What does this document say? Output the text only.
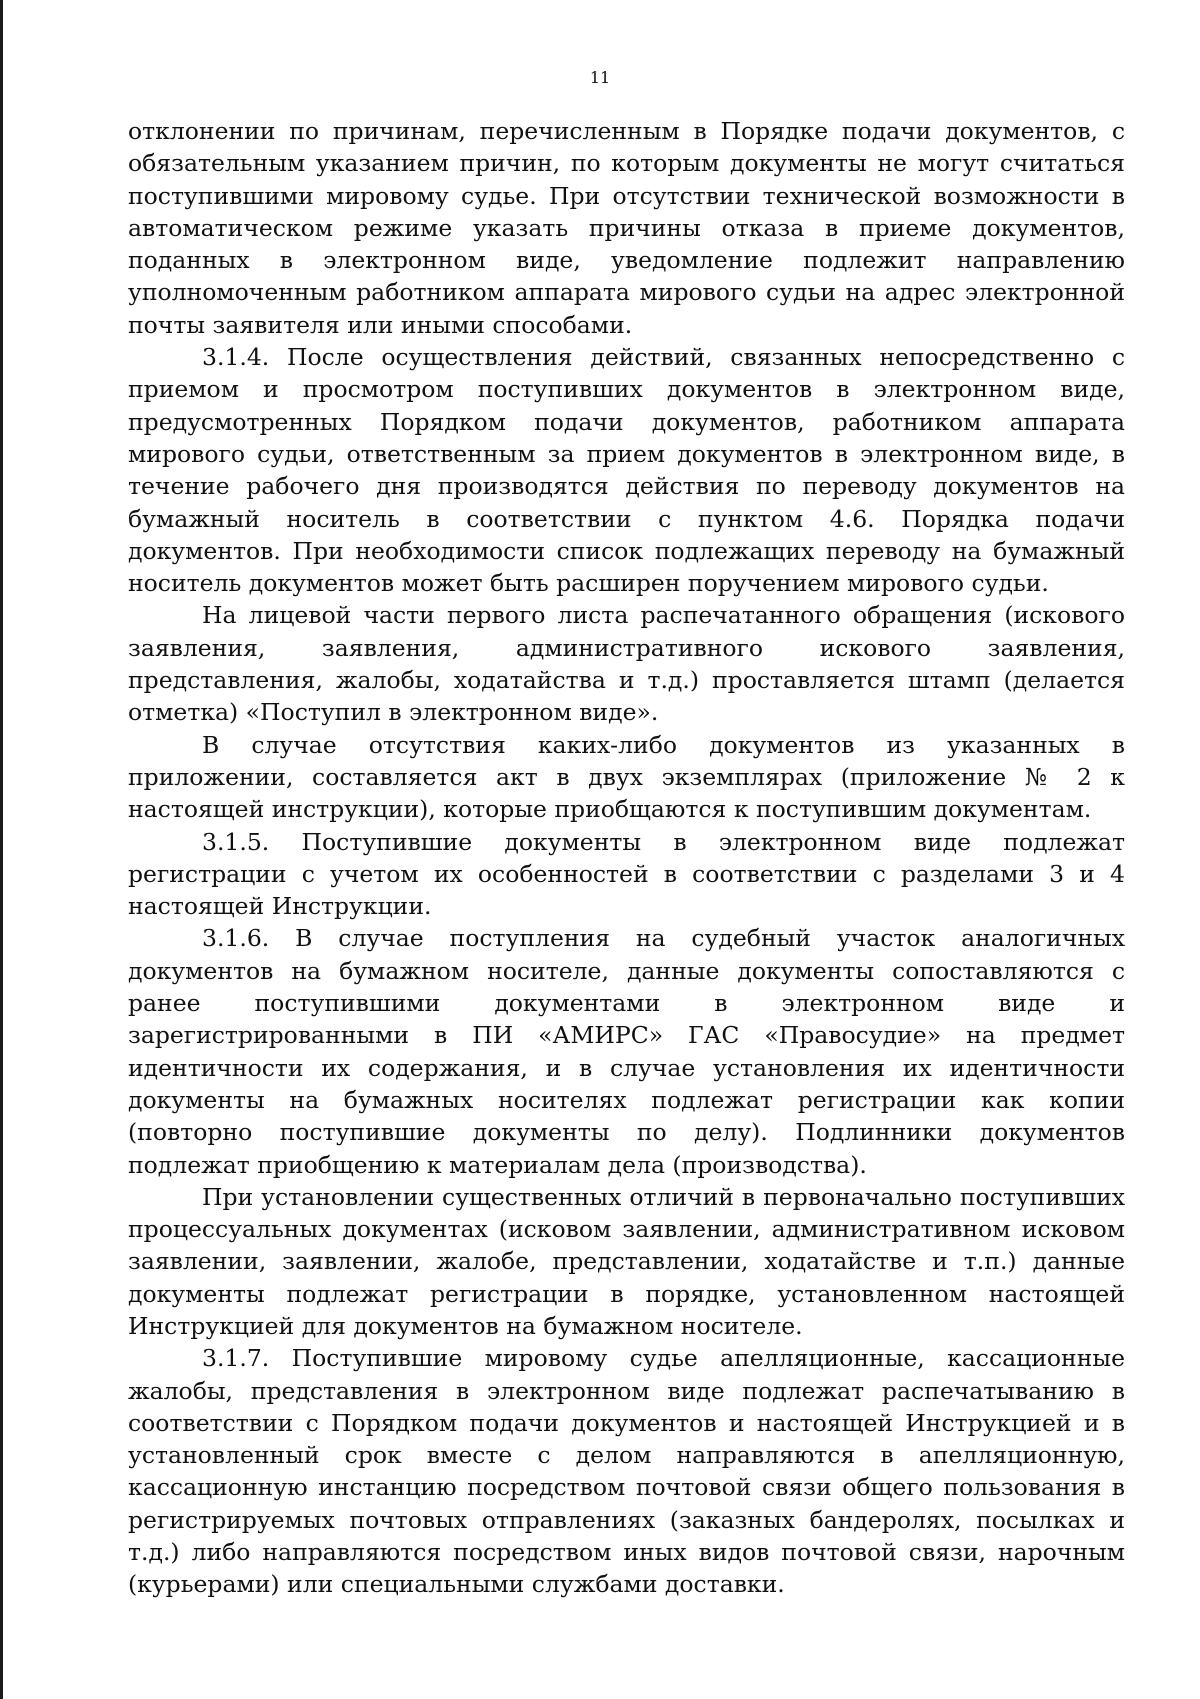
11

отклонении по причинам, перечисленным в Порядке подачи документов, с обязательным указанием причин, по которым документы не могут считаться поступившими мировому судье. При отсутствии технической возможности в автоматическом режиме указать причины отказа в приеме документов, поданных в электронном виде, уведомление подлежит направлению уполномоченным работником аппарата мирового судьи на адрес электронной почты заявителя или иными способами.

3.1.4. После осуществления действий, связанных непосредственно с приемом и просмотром поступивших документов в электронном виде, предусмотренных Порядком подачи документов, работником аппарата мирового судьи, ответственным за прием документов в электронном виде, в течение рабочего дня производятся действия по переводу документов на бумажный носитель в соответствии с пунктом 4.6. Порядка подачи документов. При необходимости список подлежащих переводу на бумажный носитель документов может быть расширен поручением мирового судьи.

На лицевой части первого листа распечатанного обращения (искового заявления, заявления, административного искового заявления, представления, жалобы, ходатайства и т.д.) проставляется штамп (делается отметка) «Поступил в электронном виде».

В случае отсутствия каких-либо документов из указанных в приложении, составляется акт в двух экземплярах (приложение № 2 к настоящей инструкции), которые приобщаются к поступившим документам.

3.1.5. Поступившие документы в электронном виде подлежат регистрации с учетом их особенностей в соответствии с разделами 3 и 4 настоящей Инструкции.

3.1.6. В случае поступления на судебный участок аналогичных документов на бумажном носителе, данные документы сопоставляются с ранее поступившими документами в электронном виде и зарегистрированными в ПИ «АМИРС» ГАС «Правосудие» на предмет идентичности их содержания, и в случае установления их идентичности документы на бумажных носителях подлежат регистрации как копии (повторно поступившие документы по делу). Подлинники документов подлежат приобщению к материалам дела (производства).

При установлении существенных отличий в первоначально поступивших процессуальных документах (исковом заявлении, административном исковом заявлении, заявлении, жалобе, представлении, ходатайстве и т.п.) данные документы подлежат регистрации в порядке, установленном настоящей Инструкцией для документов на бумажном носителе.

3.1.7. Поступившие мировому судье апелляционные, кассационные жалобы, представления в электронном виде подлежат распечатыванию в соответствии с Порядком подачи документов и настоящей Инструкцией и в установленный срок вместе с делом направляются в апелляционную, кассационную инстанцию посредством почтовой связи общего пользования в регистрируемых почтовых отправлениях (заказных бандеролях, посылках и т.д.) либо направляются посредством иных видов почтовой связи, нарочным (курьерами) или специальными службами доставки.
